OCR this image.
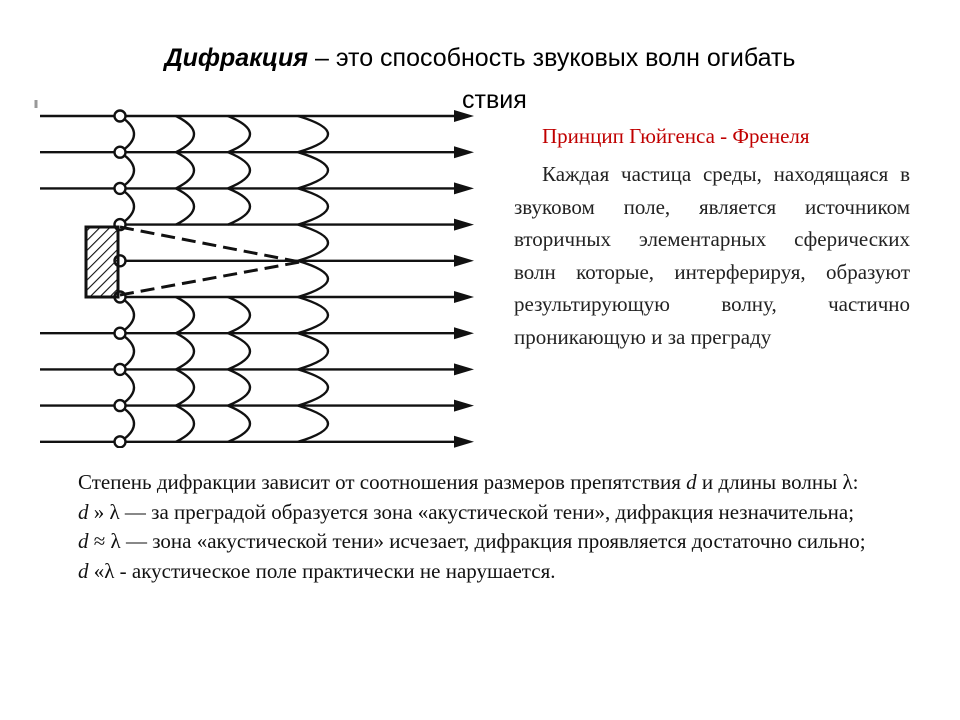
Дифракция – это способность звуковых волн огибать
ствия
Принцип Гюйгенса - Френеля
Каждая частица среды, находящаяся в звуковом поле, является источником вторичных элементарных сферических волн которые, интерферируя, образуют результирующую волну, частично проникающую и за преграду

Степень дифракции зависит от соотношения размеров препятствия d и длины волны λ:

d » λ — за преградой образуется зона «акустической тени», дифракция незначительна;

d ≈ λ — зона «акустической тени» исчезает, дифракция проявляется достаточно сильно;

d «λ - акустическое поле практически не нарушается.
